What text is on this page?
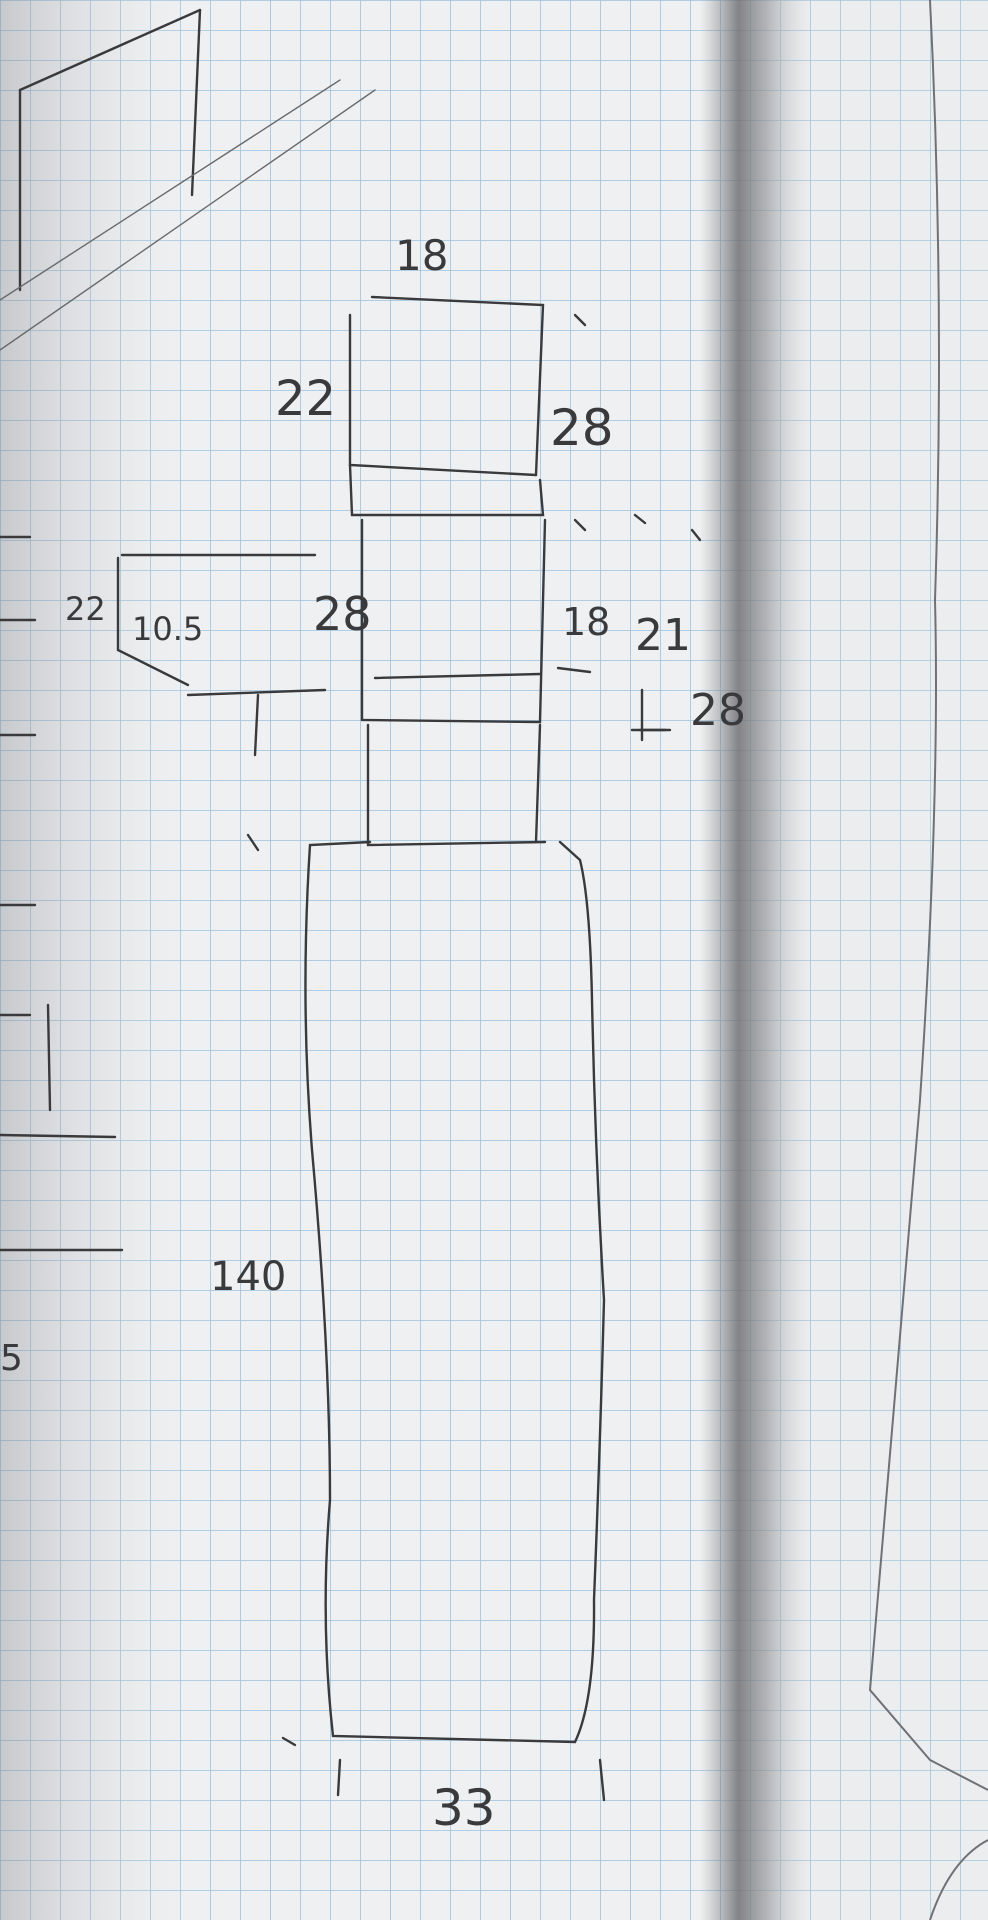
18
22	28
28	18 21
28
22
10.5
140
33
5
